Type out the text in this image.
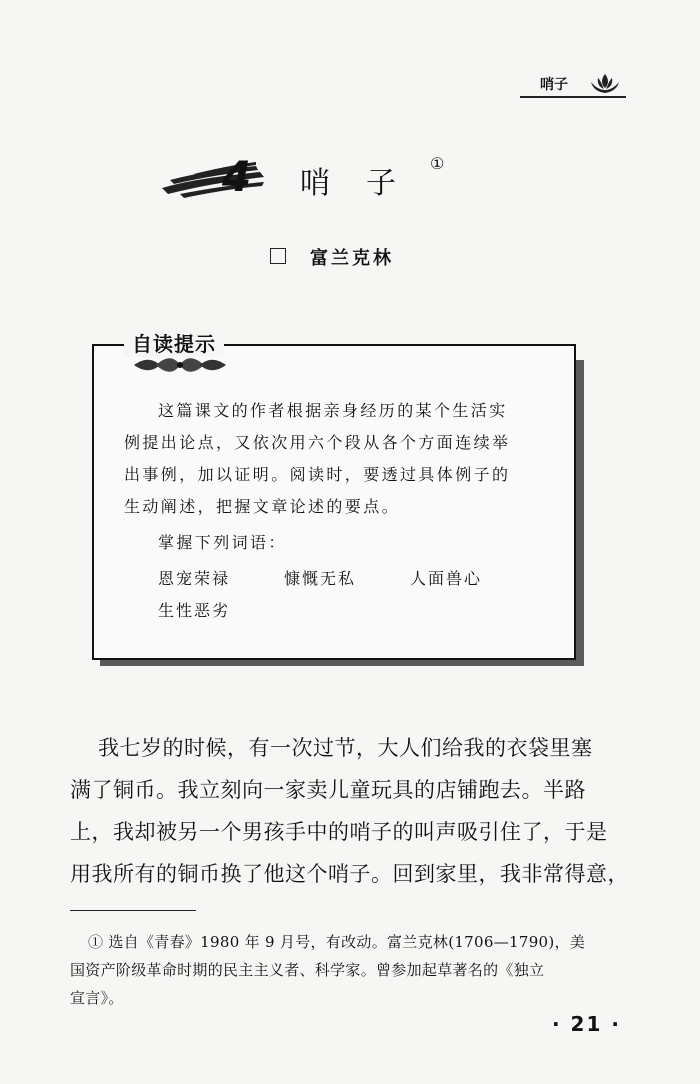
哨子
4 哨子
①
富兰克林
自读提示
这篇课文的作者根据亲身经历的某个生活实
例提出论点，又依次用六个段从各个方面连续举
出事例，加以证明。阅读时，要透过具体例子的
生动阐述，把握文章论述的要点。
掌握下列词语：
恩宠荣禄	慷慨无私	人面兽心
生性恶劣
我七岁的时候，有一次过节，大人们给我的衣袋里塞
满了铜币。我立刻向一家卖儿童玩具的店铺跑去。半路
上，我却被另一个男孩手中的哨子的叫声吸引住了，于是
用我所有的铜币换了他这个哨子。回到家里，我非常得意，
① 选自《青春》1980 年 9 月号，有改动。富兰克林(1706—1790)，美
国资产阶级革命时期的民主主义者、科学家。曾参加起草著名的《独立
宣言》。
· 21 ·
